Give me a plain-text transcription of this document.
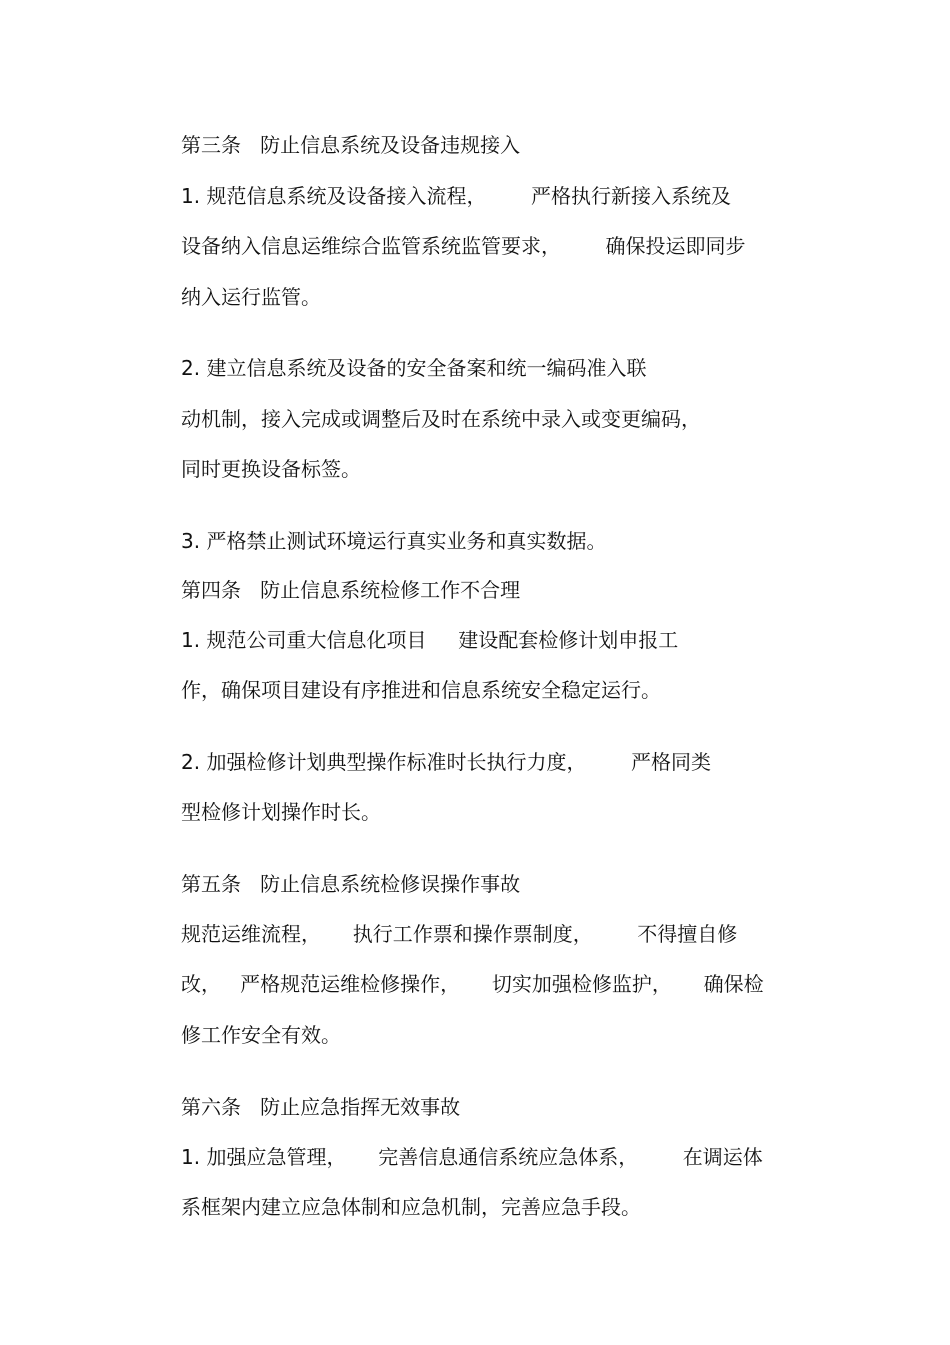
第三条   防止信息系统及设备违规接入

1. 规范信息系统及设备接入流程，       严格执行新接入系统及

设备纳入信息运维综合监管系统监管要求，       确保投运即同步

纳入运行监管。

2. 建立信息系统及设备的安全备案和统一编码准入联

动机制，接入完成或调整后及时在系统中录入或变更编码，

同时更换设备标签。

3. 严格禁止测试环境运行真实业务和真实数据。

第四条   防止信息系统检修工作不合理

1. 规范公司重大信息化项目     建设配套检修计划申报工

作，确保项目建设有序推进和信息系统安全稳定运行。

2. 加强检修计划典型操作标准时长执行力度，       严格同类

型检修计划操作时长。

第五条   防止信息系统检修误操作事故

规范运维流程，     执行工作票和操作票制度，       不得擅自修

改，   严格规范运维检修操作，     切实加强检修监护，     确保检

修工作安全有效。

第六条   防止应急指挥无效事故

1. 加强应急管理，     完善信息通信系统应急体系，       在调运体

系框架内建立应急体制和应急机制，完善应急手段。
